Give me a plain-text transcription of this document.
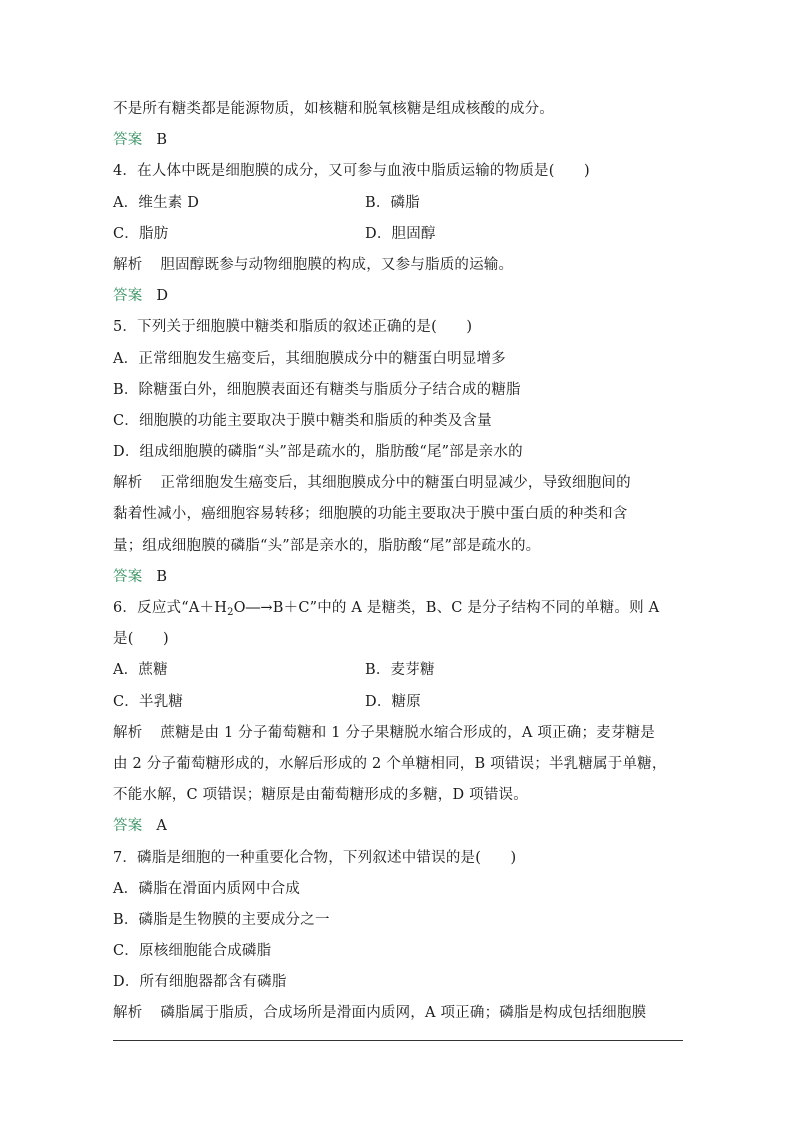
不是所有糖类都是能源物质，如核糖和脱氧核糖是组成核酸的成分。
答案 B
4．在人体中既是细胞膜的成分，又可参与血液中脂质运输的物质是(　　)
A．维生素 D	B．磷脂
C．脂肪	D．胆固醇
解析 胆固醇既参与动物细胞膜的构成，又参与脂质的运输。
答案 D
5．下列关于细胞膜中糖类和脂质的叙述正确的是(　　)
A．正常细胞发生癌变后，其细胞膜成分中的糖蛋白明显增多
B．除糖蛋白外，细胞膜表面还有糖类与脂质分子结合成的糖脂
C．细胞膜的功能主要取决于膜中糖类和脂质的种类及含量
D．组成细胞膜的磷脂“头”部是疏水的，脂肪酸“尾”部是亲水的
解析 正常细胞发生癌变后，其细胞膜成分中的糖蛋白明显减少，导致细胞间的
黏着性减小，癌细胞容易转移；细胞膜的功能主要取决于膜中蛋白质的种类和含
量；组成细胞膜的磷脂“头”部是亲水的，脂肪酸“尾”部是疏水的。
答案 B
6．反应式“$A+H_2O―\to B+C$”中的 A 是糖类，B、C 是分子结构不同的单糖。则 A
是(　　)
A．蔗糖	B．麦芽糖
C．半乳糖	D．糖原
解析 蔗糖是由 1 分子葡萄糖和 1 分子果糖脱水缩合形成的，A 项正确；麦芽糖是
由 2 分子葡萄糖形成的，水解后形成的 2 个单糖相同，B 项错误；半乳糖属于单糖，
不能水解，C 项错误；糖原是由葡萄糖形成的多糖，D 项错误。
答案 A
7．磷脂是细胞的一种重要化合物，下列叙述中错误的是(　　)
A．磷脂在滑面内质网中合成
B．磷脂是生物膜的主要成分之一
C．原核细胞能合成磷脂
D．所有细胞器都含有磷脂
解析 磷脂属于脂质，合成场所是滑面内质网，A 项正确；磷脂是构成包括细胞膜
